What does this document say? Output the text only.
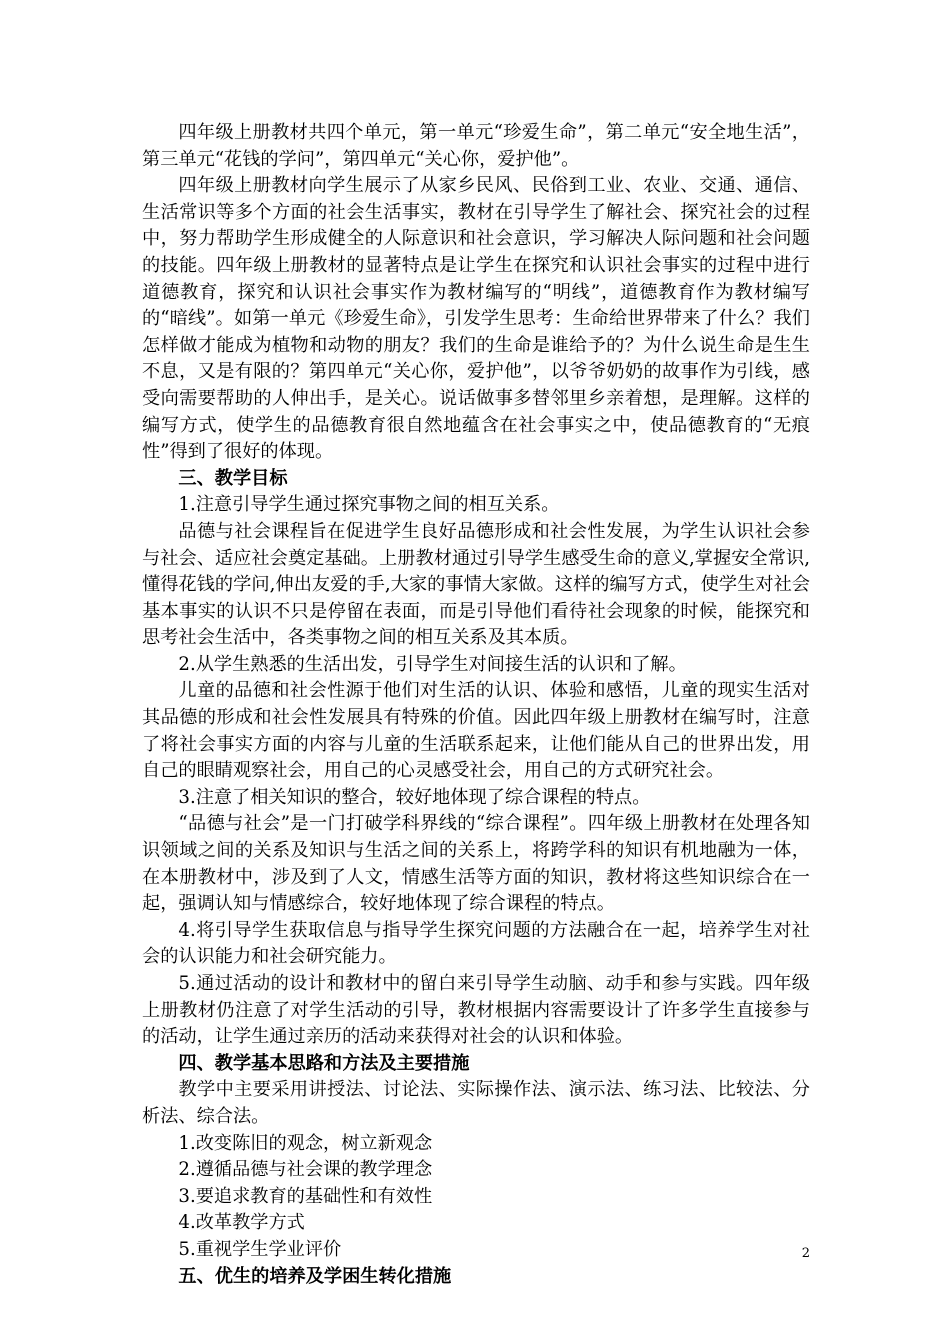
四年级上册教材共四个单元，第一单元“珍爱生命”，第二单元“安全地生活”，第三单元“花钱的学问”，第四单元“关心你，爱护他”。

四年级上册教材向学生展示了从家乡民风、民俗到工业、农业、交通、通信、生活常识等多个方面的社会生活事实，教材在引导学生了解社会、探究社会的过程中，努力帮助学生形成健全的人际意识和社会意识，学习解决人际问题和社会问题的技能。四年级上册教材的显著特点是让学生在探究和认识社会事实的过程中进行道德教育，探究和认识社会事实作为教材编写的“明线”，道德教育作为教材编写的“暗线”。如第一单元《珍爱生命》，引发学生思考：生命给世界带来了什么？我们怎样做才能成为植物和动物的朋友？我们的生命是谁给予的？为什么说生命是生生不息，又是有限的？第四单元“关心你，爱护他”，以爷爷奶奶的故事作为引线，感受向需要帮助的人伸出手，是关心。说话做事多替邻里乡亲着想，是理解。这样的编写方式，使学生的品德教育很自然地蕴含在社会事实之中，使品德教育的“无痕性”得到了很好的体现。

三、教学目标

1.注意引导学生通过探究事物之间的相互关系。

品德与社会课程旨在促进学生良好品德形成和社会性发展，为学生认识社会参与社会、适应社会奠定基础。上册教材通过引导学生感受生命的意义,掌握安全常识,懂得花钱的学问,伸出友爱的手,大家的事情大家做。这样的编写方式，使学生对社会基本事实的认识不只是停留在表面，而是引导他们看待社会现象的时候，能探究和思考社会生活中，各类事物之间的相互关系及其本质。

2.从学生熟悉的生活出发，引导学生对间接生活的认识和了解。

儿童的品德和社会性源于他们对生活的认识、体验和感悟，儿童的现实生活对其品德的形成和社会性发展具有特殊的价值。因此四年级上册教材在编写时，注意了将社会事实方面的内容与儿童的生活联系起来，让他们能从自己的世界出发，用自己的眼睛观察社会，用自己的心灵感受社会，用自己的方式研究社会。

3.注意了相关知识的整合，较好地体现了综合课程的特点。

“品德与社会”是一门打破学科界线的“综合课程”。四年级上册教材在处理各知识领域之间的关系及知识与生活之间的关系上，将跨学科的知识有机地融为一体，在本册教材中，涉及到了人文，情感生活等方面的知识，教材将这些知识综合在一起，强调认知与情感综合，较好地体现了综合课程的特点。

4.将引导学生获取信息与指导学生探究问题的方法融合在一起，培养学生对社会的认识能力和社会研究能力。

5.通过活动的设计和教材中的留白来引导学生动脑、动手和参与实践。四年级上册教材仍注意了对学生活动的引导，教材根据内容需要设计了许多学生直接参与的活动，让学生通过亲历的活动来获得对社会的认识和体验。

四、教学基本思路和方法及主要措施

教学中主要采用讲授法、讨论法、实际操作法、演示法、练习法、比较法、分析法、综合法。

1.改变陈旧的观念，树立新观念

2.遵循品德与社会课的教学理念

3.要追求教育的基础性和有效性

4.改革教学方式

5.重视学生学业评价

五、优生的培养及学困生转化措施

2
